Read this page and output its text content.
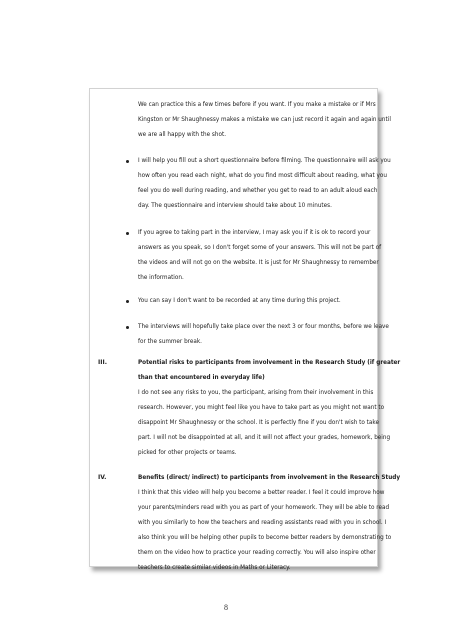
We can practice this a few times before if you want. If you make a mistake or if Mrs
Kingston or Mr Shaughnessy makes a mistake we can just record it again and again until
we are all happy with the shot.
I will help you fill out a short questionnaire before filming. The questionnaire will ask you
how often you read each night, what do you find most difficult about reading, what you
feel you do well during reading, and whether you get to read to an adult aloud each
day. The questionnaire and interview should take about 10 minutes.
If you agree to taking part in the interview, I may ask you if it is ok to record your
answers as you speak, so I don't forget some of your answers. This will not be part of
the videos and will not go on the website. It is just for Mr Shaughnessy to remember
the information.
You can say I don't want to be recorded at any time during this project.
The interviews will hopefully take place over the next 3 or four months, before we leave
for the summer break.
III.	Potential risks to participants from involvement in the Research Study (if greater
than that encountered in everyday life)
I do not see any risks to you, the participant, arising from their involvement in this
research. However, you might feel like you have to take part as you might not want to
disappoint Mr Shaughnessy or the school. It is perfectly fine if you don't wish to take
part. I will not be disappointed at all, and it will not affect your grades, homework, being
picked for other projects or teams.
IV.	Benefits (direct/ indirect) to participants from involvement in the Research Study
I think that this video will help you become a better reader. I feel it could improve how
your parents/minders read with you as part of your homework. They will be able to read
with you similarly to how the teachers and reading assistants read with you in school. I
also think you will be helping other pupils to become better readers by demonstrating to
them on the video how to practice your reading correctly. You will also inspire other
teachers to create similar videos in Maths or Literacy.
8
